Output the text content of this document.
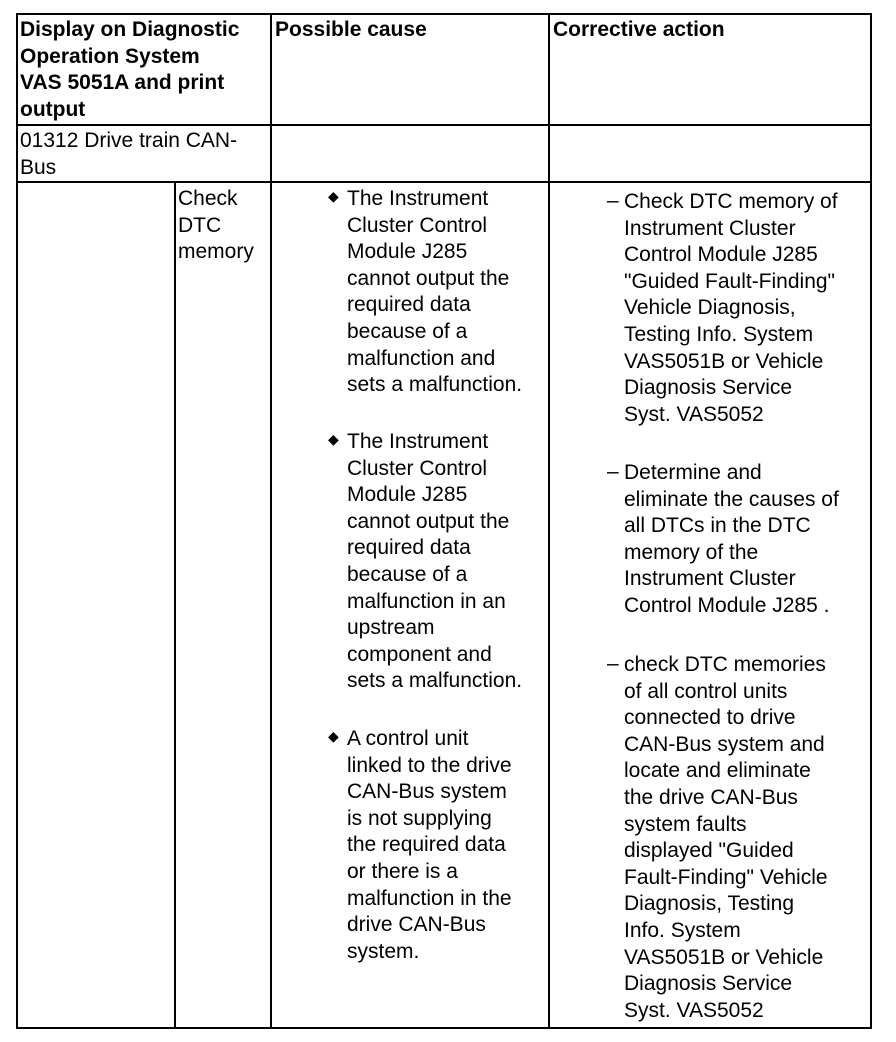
Display on Diagnostic
Operation System
VAS 5051A and print
output
Possible cause	Corrective action
01312 Drive train CAN-
Bus
Check
DTC
memory
◆ The Instrument
Cluster Control
Module J285
cannot output the
required data
because of a
malfunction and
sets a malfunction.
◆ The Instrument
Cluster Control
Module J285
cannot output the
required data
because of a
malfunction in an
upstream
component and
sets a malfunction.
◆ A control unit
linked to the drive
CAN-Bus system
is not supplying
the required data
or there is a
malfunction in the
drive CAN-Bus
system.
– Check DTC memory of
Instrument Cluster
Control Module J285
"Guided Fault-Finding"
Vehicle Diagnosis,
Testing Info. System
VAS5051B or Vehicle
Diagnosis Service
Syst. VAS5052
– Determine and
eliminate the causes of
all DTCs in the DTC
memory of the
Instrument Cluster
Control Module J285 .
– check DTC memories
of all control units
connected to drive
CAN-Bus system and
locate and eliminate
the drive CAN-Bus
system faults
displayed "Guided
Fault-Finding" Vehicle
Diagnosis, Testing
Info. System
VAS5051B or Vehicle
Diagnosis Service
Syst. VAS5052
